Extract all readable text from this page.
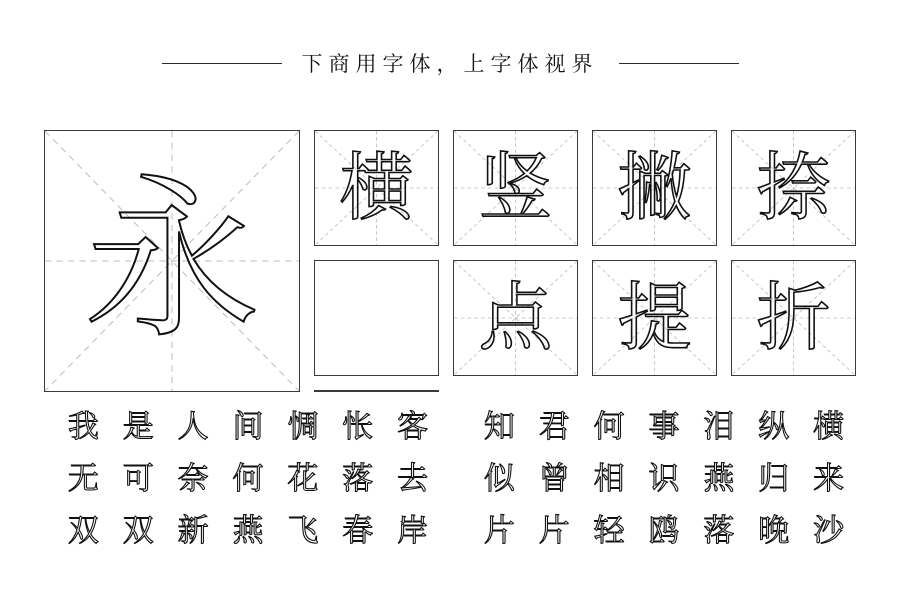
下商用字体，上字体视界
永	横 竖 撇 捺
点 提 折
我 是 人 间 惆 怅 客	知 君 何 事 泪 纵 横
无 可 奈 何 花 落 去	似 曾 相 识 燕 归 来
双 双 新 燕 飞 春 岸	片 片 轻 鸥 落 晚 沙
